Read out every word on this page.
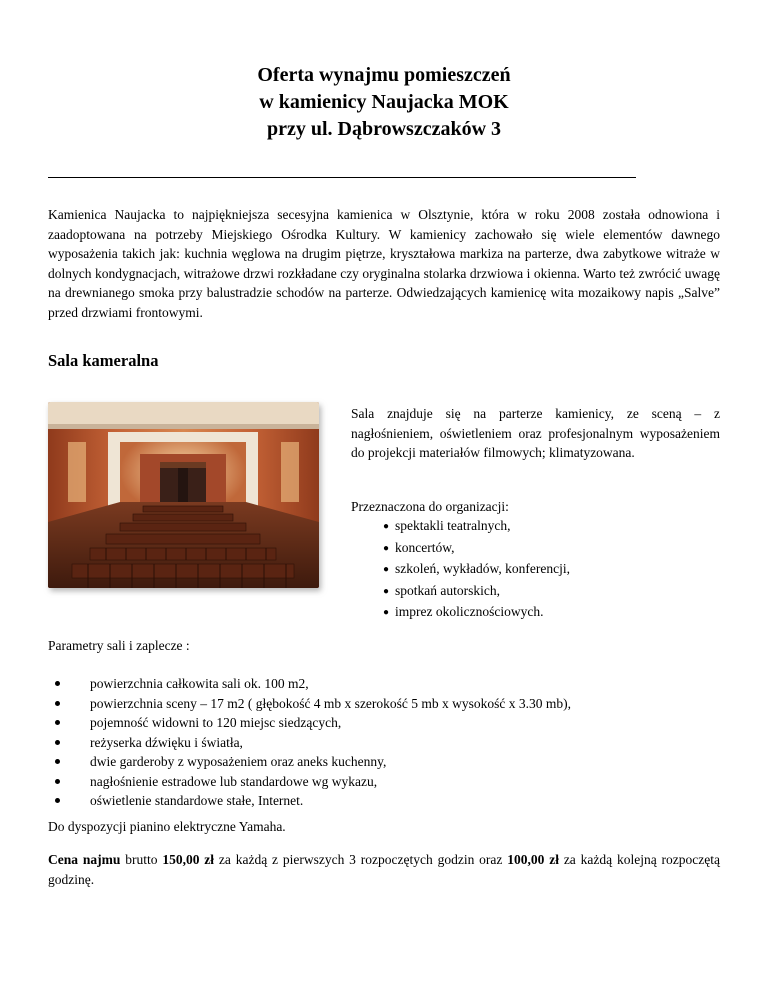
Oferta wynajmu pomieszczeń
w kamienicy Naujacka MOK
przy ul. Dąbrowszczaków 3

Kamienica Naujacka to najpiękniejsza secesyjna kamienica w Olsztynie, która w roku 2008 została odnowiona i zaadoptowana na potrzeby Miejskiego Ośrodka Kultury. W kamienicy zachowało się wiele elementów dawnego wyposażenia takich jak: kuchnia węglowa na drugim piętrze, kryształowa markiza na parterze, dwa zabytkowe witraże w dolnych kondygnacjach, witrażowe drzwi rozkładane czy oryginalna stolarka drzwiowa i okienna. Warto też zwrócić uwagę na drewnianego smoka przy balustradzie schodów na parterze. Odwiedzających kamienicę wita mozaikowy napis „Salve” przed drzwiami frontowymi.

Sala kameralna

Sala znajduje się na parterze kamienicy, ze sceną – z nagłośnieniem, oświetleniem oraz profesjonalnym wyposażeniem do projekcji materiałów filmowych; klimatyzowana.

Przeznaczona do organizacji:
● spektakli teatralnych,
● koncertów,
● szkoleń, wykładów, konferencji,
● spotkań autorskich,
● imprez okolicznościowych.
Parametry sali i zaplecze :
powierzchnia całkowita sali ok. 100 m2,
powierzchnia sceny – 17 m2 ( głębokość 4 mb x szerokość 5 mb x wysokość x 3.30 mb),
pojemność widowni to 120 miejsc siedzących,
reżyserka dźwięku i światła,
dwie garderoby z wyposażeniem oraz aneks kuchenny,
nagłośnienie estradowe lub standardowe wg wykazu,
oświetlenie standardowe stałe, Internet.
Do dyspozycji pianino elektryczne Yamaha.

Cena najmu brutto 150,00 zł za każdą z pierwszych 3 rozpoczętych godzin oraz 100,00 zł za każdą kolejną rozpoczętą godzinę.
